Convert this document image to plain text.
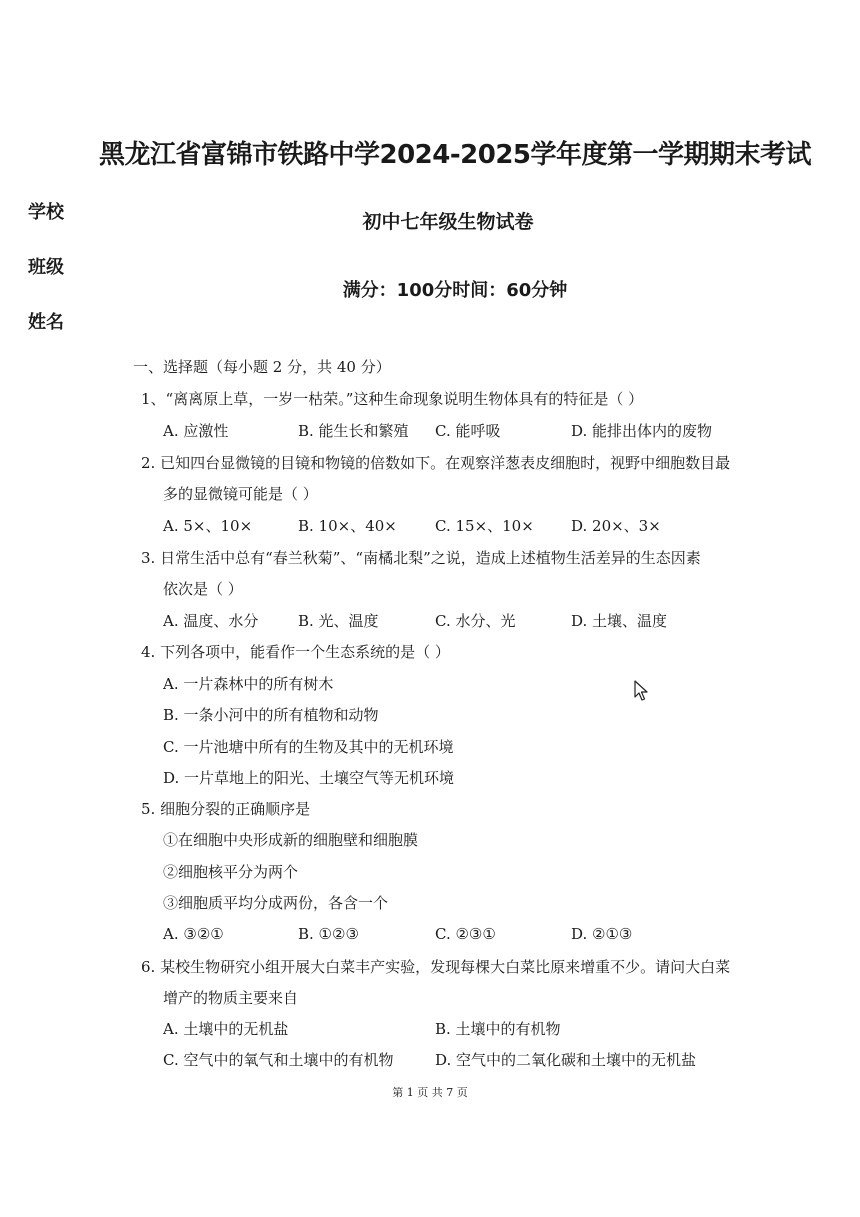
黑龙江省富锦市铁路中学2024-2025学年度第一学期期末考试
初中七年级生物试卷
满分：100分时间：60分钟
学校
班级
姓名
一、选择题（每小题 2 分，共 40 分）
1、“离离原上草，一岁一枯荣。”这种生命现象说明生物体具有的特征是（ ）
A. 应激性	B. 能生长和繁殖 C. 能呼吸	D. 能排出体内的废物
2. 已知四台显微镜的目镜和物镜的倍数如下。在观察洋葱表皮细胞时，视野中细胞数目最
多的显微镜可能是（ ）
A. 5×、10×	B. 10×、40×	C. 15×、10× D. 20×、3×
3. 日常生活中总有“春兰秋菊”、“南橘北梨”之说，造成上述植物生活差异的生态因素
依次是（ ）
A. 温度、水分	B. 光、温度	C. 水分、光	D. 土壤、温度
4. 下列各项中，能看作一个生态系统的是（ ）
A. 一片森林中的所有树木
B. 一条小河中的所有植物和动物
C. 一片池塘中所有的生物及其中的无机环境
D. 一片草地上的阳光、土壤空气等无机环境
5. 细胞分裂的正确顺序是
①在细胞中央形成新的细胞壁和细胞膜
②细胞核平分为两个
③细胞质平均分成两份，各含一个
A. ③②①	B. ①②③	C. ②③①	D. ②①③
6. 某校生物研究小组开展大白菜丰产实验，发现每棵大白菜比原来增重不少。请问大白菜
增产的物质主要来自
A. 土壤中的无机盐	B. 土壤中的有机物
C. 空气中的氧气和土壤中的有机物	D. 空气中的二氧化碳和土壤中的无机盐
第 1 页 共 7 页
